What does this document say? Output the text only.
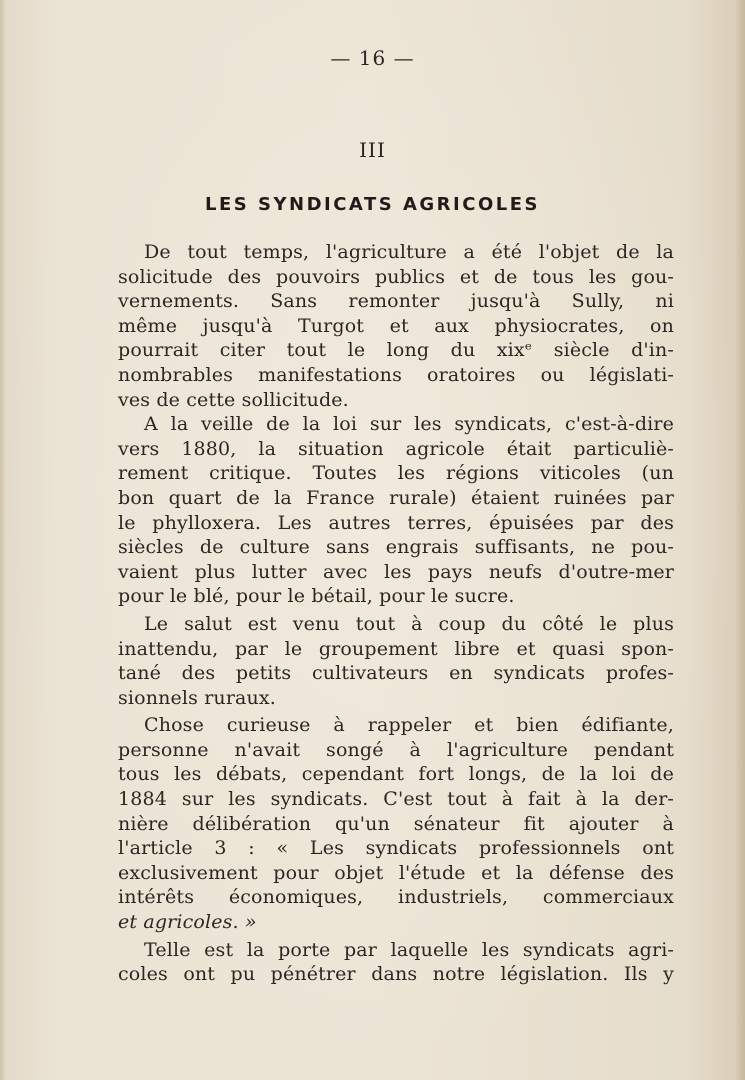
— 16 —
III
LES SYNDICATS AGRICOLES
De tout temps, l'agriculture a été l'objet de la
solicitude des pouvoirs publics et de tous les gou-
vernements. Sans remonter jusqu'à Sully, ni
même jusqu'à Turgot et aux physiocrates, on
pourrait citer tout le long du xixᵉ siècle d'in-
nombrables manifestations oratoires ou législati-
ves de cette sollicitude.
A la veille de la loi sur les syndicats, c'est-à-dire
vers 1880, la situation agricole était particuliè-
rement critique. Toutes les régions viticoles (un
bon quart de la France rurale) étaient ruinées par
le phylloxera. Les autres terres, épuisées par des
siècles de culture sans engrais suffisants, ne pou-
vaient plus lutter avec les pays neufs d'outre-mer
pour le blé, pour le bétail, pour le sucre.
Le salut est venu tout à coup du côté le plus
inattendu, par le groupement libre et quasi spon-
tané des petits cultivateurs en syndicats profes-
sionnels ruraux.
Chose curieuse à rappeler et bien édifiante,
personne n'avait songé à l'agriculture pendant
tous les débats, cependant fort longs, de la loi de
1884 sur les syndicats. C'est tout à fait à la der-
nière délibération qu'un sénateur fit ajouter à
l'article 3 : « Les syndicats professionnels ont
exclusivement pour objet l'étude et la défense des
intérêts économiques, industriels, commerciaux
et agricoles. »
Telle est la porte par laquelle les syndicats agri-
coles ont pu pénétrer dans notre législation. Ils y
